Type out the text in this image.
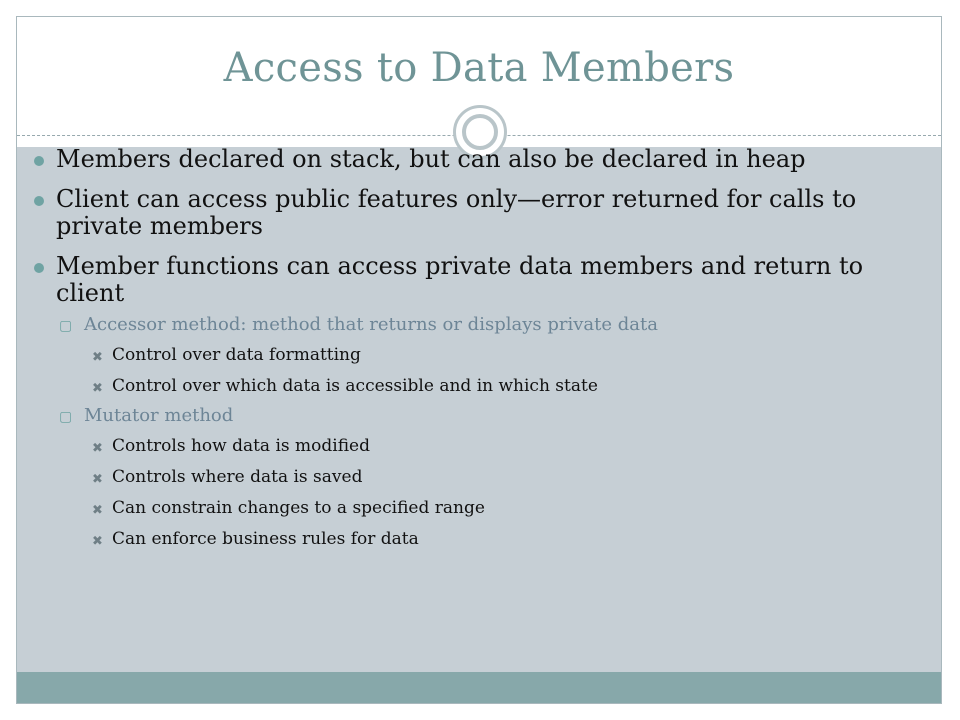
Access to Data Members
Members declared on stack, but can also be declared in heap
Client can access public features only—error returned for calls to private members
Member functions can access private data members and return to client
▢ Accessor method: method that returns or displays private data
✖ Control over data formatting
✖ Control over which data is accessible and in which state
▢ Mutator method
✖ Controls how data is modified
✖ Controls where data is saved
✖ Can constrain changes to a specified range
✖ Can enforce business rules for data
